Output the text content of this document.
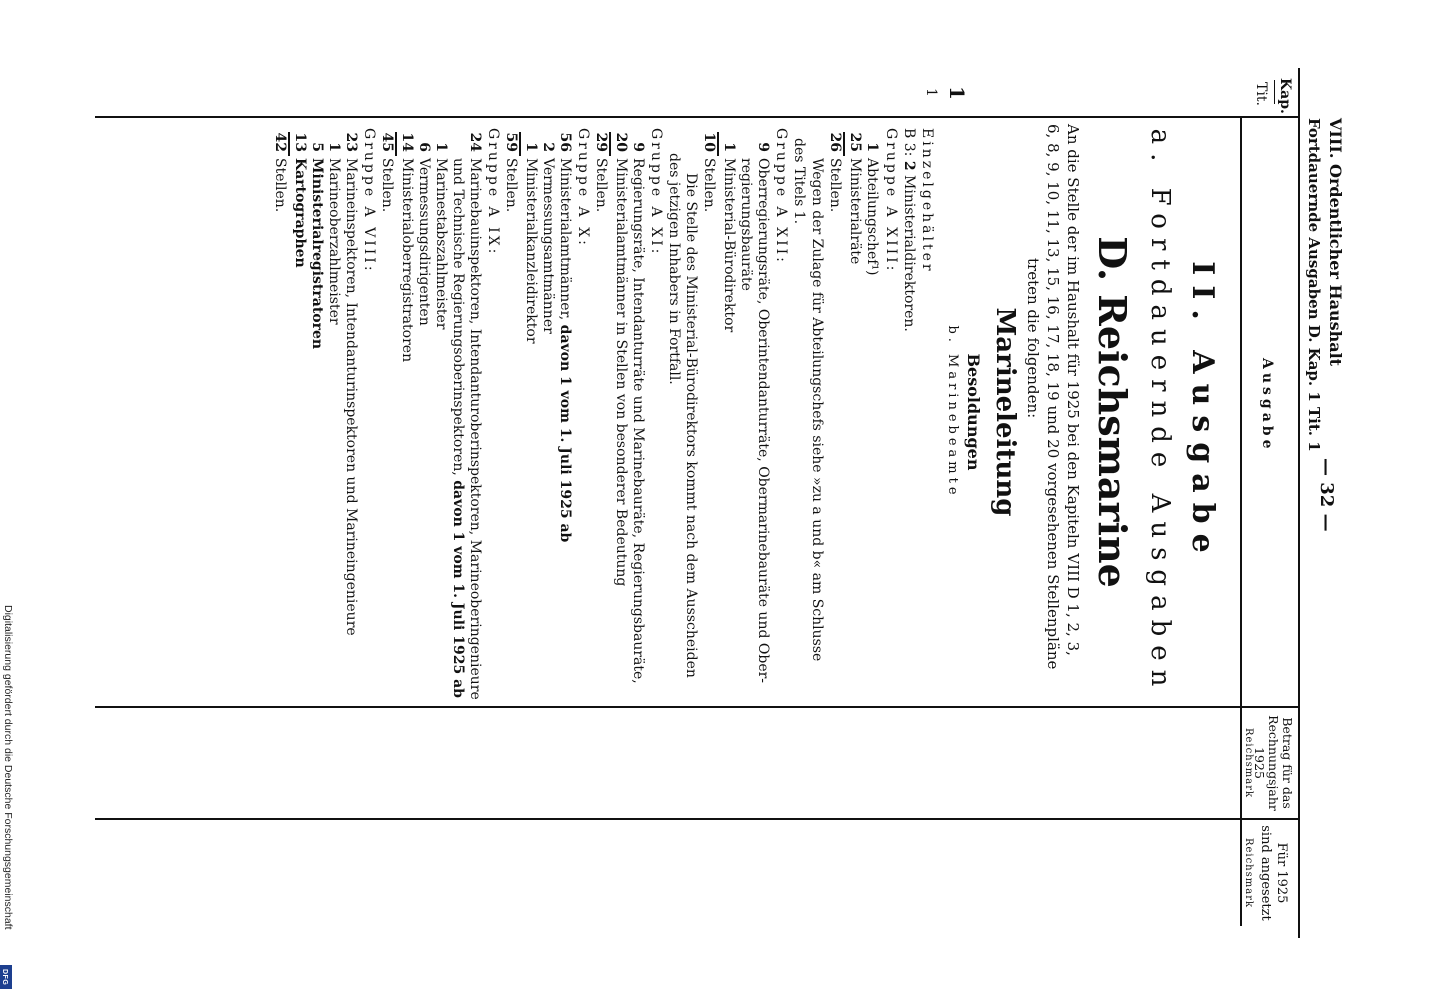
Digitalisierung gefördert durch die Deutsche Forschungsgemeinschaft
DFG
VIII. Ordentlicher Haushalt
Fortdauernde Ausgaben D. Kap. 1 Tit. 1
— 32 —
Kap.
Tit.
Ausgabe
Betrag für das
Rechnungsjahr
1925
Reichsmark
Für 1925
sind angesetzt
Reichsmark
1
1
II. Ausgabe
a. Fortdauernde Ausgaben
D. Reichsmarine
An die Stelle der im Haushalt für 1925 bei den Kapiteln VIII D 1, 2, 3,
6, 8, 9, 10, 11, 13, 15, 16, 17, 18, 19 und 20 vorgesehenen Stellenpläne
treten die folgenden:
Marineleitung
Besoldungen
b. Marinebeamte
Einzelgehälter
B 3: 2 Ministerialdirektoren.
Gruppe A XIII:
1Abteilungschef¹)
25Ministerialräte
26Stellen.
Wegen der Zulage für Abteilungschefs siehe »zu a und b« am Schlusse
des Titels 1.
Gruppe A XII:
9Oberregierungsräte, Oberintendanturräte, Obermarinebauräte und Ober-
regierungsbauräte
1Ministerial-Bürodirektor
10Stellen.
Die Stelle des Ministerial-Bürodirektors kommt nach dem Ausscheiden
des jetzigen Inhabers in Fortfall.
Gruppe A XI:
9Regierungsräte, Intendanturräte und Marinebauräte, Regierungsbauräte,
20Ministerialamtmänner in Stellen von besonderer Bedeutung
29Stellen.
Gruppe A X:
56Ministerialamtmänner, davon 1 vom 1. Juli 1925 ab
2Vermessungsamtmänner
1Ministerialkanzleidirektor
59Stellen.
Gruppe A IX:
24Marinebauinspektoren, Intendanturoberinspektoren, Marineoberingenieure
und Technische Regierungsoberinspektoren, davon 1 vom 1. Juli 1925 ab
1Marinestabszahlmeister
6Vermessungsdirigenten
14Ministerialoberregistratoren
45Stellen.
Gruppe A VIII:
23Marineinspektoren, Intendanturinspektoren und Marineingenieure
1Marineoberzahlmeister
5Ministerialregistratoren
13Kartographen
42Stellen.
